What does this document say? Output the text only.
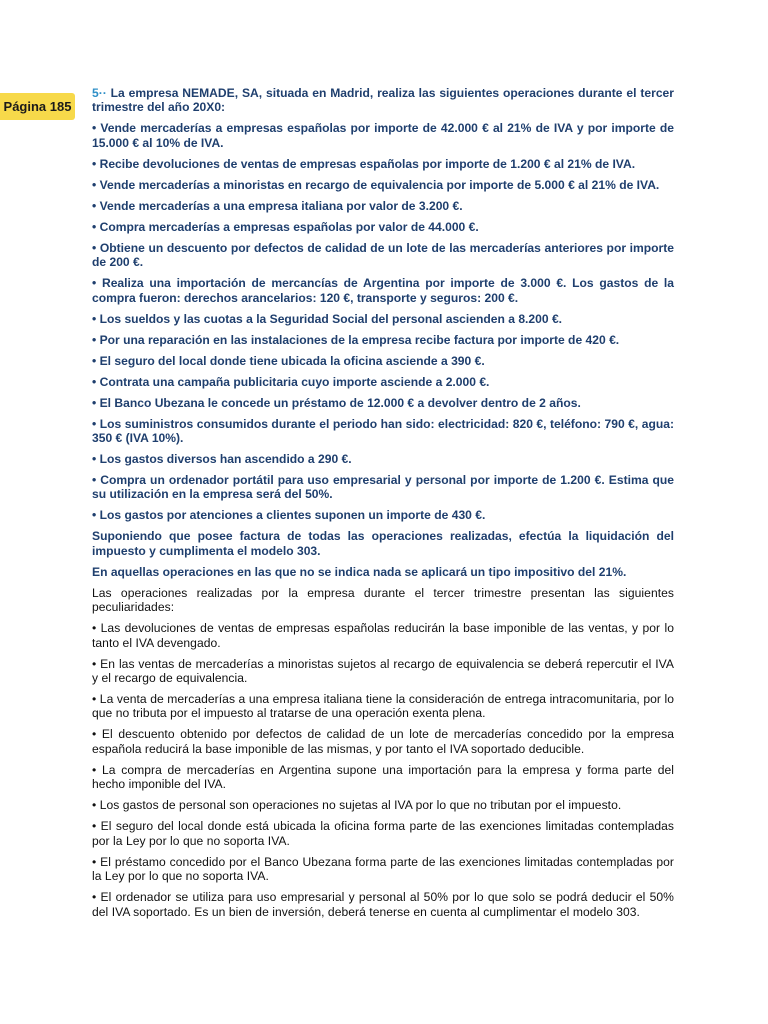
Página 185

5·· La empresa NEMADE, SA, situada en Madrid, realiza las siguientes operaciones durante el tercer trimestre del año 20X0:

• Vende mercaderías a empresas españolas por importe de 42.000 € al 21% de IVA y por importe de 15.000 € al 10% de IVA.

• Recibe devoluciones de ventas de empresas españolas por importe de 1.200 € al 21% de IVA.

• Vende mercaderías a minoristas en recargo de equivalencia por importe de 5.000 € al 21% de IVA.

• Vende mercaderías a una empresa italiana por valor de 3.200 €.

• Compra mercaderías a empresas españolas por valor de 44.000 €.

• Obtiene un descuento por defectos de calidad de un lote de las mercaderías anteriores por importe de 200 €.

• Realiza una importación de mercancías de Argentina por importe de 3.000 €. Los gastos de la compra fueron: derechos arancelarios: 120 €, transporte y seguros: 200 €.

• Los sueldos y las cuotas a la Seguridad Social del personal ascienden a 8.200 €.

• Por una reparación en las instalaciones de la empresa recibe factura por importe de 420 €.

• El seguro del local donde tiene ubicada la oficina asciende a 390 €.

• Contrata una campaña publicitaria cuyo importe asciende a 2.000 €.

• El Banco Ubezana le concede un préstamo de 12.000 € a devolver dentro de 2 años.

• Los suministros consumidos durante el periodo han sido: electricidad: 820 €, teléfono: 790 €, agua: 350 € (IVA 10%).

• Los gastos diversos han ascendido a 290 €.

• Compra un ordenador portátil para uso empresarial y personal por importe de 1.200 €. Estima que su utilización en la empresa será del 50%.

• Los gastos por atenciones a clientes suponen un importe de 430 €.

Suponiendo que posee factura de todas las operaciones realizadas, efectúa la liquidación del impuesto y cumplimenta el modelo 303.

En aquellas operaciones en las que no se indica nada se aplicará un tipo impositivo del 21%.

Las operaciones realizadas por la empresa durante el tercer trimestre presentan las siguientes peculiaridades:

• Las devoluciones de ventas de empresas españolas reducirán la base imponible de las ventas, y por lo tanto el IVA devengado.

• En las ventas de mercaderías a minoristas sujetos al recargo de equivalencia se deberá repercutir el IVA y el recargo de equivalencia.

• La venta de mercaderías a una empresa italiana tiene la consideración de entrega intracomunitaria, por lo que no tributa por el impuesto al tratarse de una operación exenta plena.

• El descuento obtenido por defectos de calidad de un lote de mercaderías concedido por la empresa española reducirá la base imponible de las mismas, y por tanto el IVA soportado deducible.

• La compra de mercaderías en Argentina supone una importación para la empresa y forma parte del hecho imponible del IVA.

• Los gastos de personal son operaciones no sujetas al IVA por lo que no tributan por el impuesto.

• El seguro del local donde está ubicada la oficina forma parte de las exenciones limitadas contempladas por la Ley por lo que no soporta IVA.

• El préstamo concedido por el Banco Ubezana forma parte de las exenciones limitadas contempladas por la Ley por lo que no soporta IVA.

• El ordenador se utiliza para uso empresarial y personal al 50% por lo que solo se podrá deducir el 50% del IVA soportado. Es un bien de inversión, deberá tenerse en cuenta al cumplimentar el modelo 303.
